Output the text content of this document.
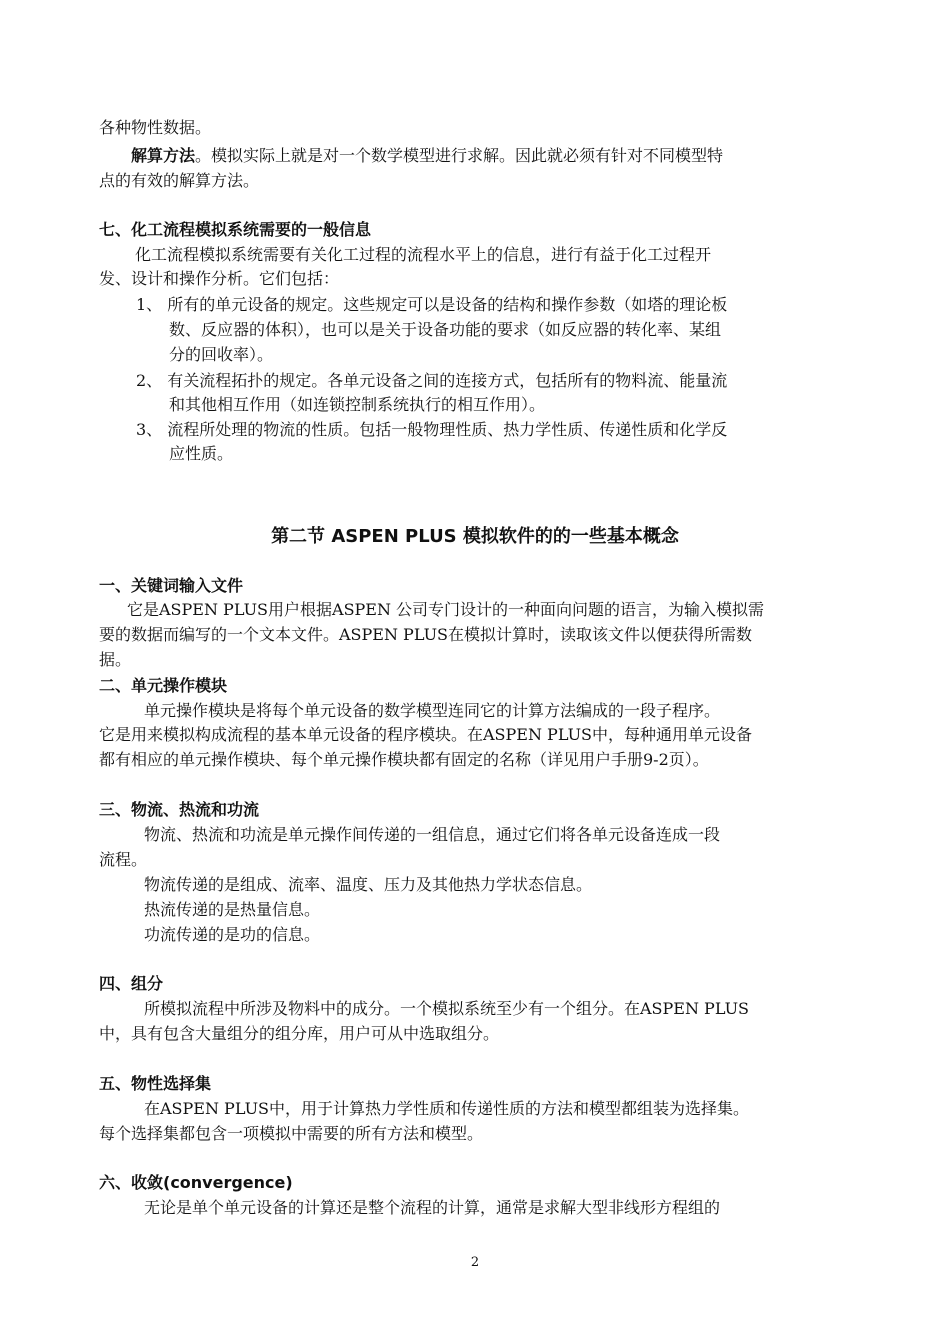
各种物性数据。

解算方法。模拟实际上就是对一个数学模型进行求解。因此就必须有针对不同模型特

点的有效的解算方法。

七、化工流程模拟系统需要的一般信息

化工流程模拟系统需要有关化工过程的流程水平上的信息，进行有益于化工过程开

发、设计和操作分析。它们包括：

1、 所有的单元设备的规定。这些规定可以是设备的结构和操作参数（如塔的理论板

数、反应器的体积），也可以是关于设备功能的要求（如反应器的转化率、某组

分的回收率）。

2、 有关流程拓扑的规定。各单元设备之间的连接方式，包括所有的物料流、能量流

和其他相互作用（如连锁控制系统执行的相互作用）。

3、 流程所处理的物流的性质。包括一般物理性质、热力学性质、传递性质和化学反

应性质。

第二节 ASPEN PLUS 模拟软件的的一些基本概念

一、关键词输入文件

它是ASPEN PLUS用户根据ASPEN 公司专门设计的一种面向问题的语言，为输入模拟需

要的数据而编写的一个文本文件。ASPEN PLUS在模拟计算时，读取该文件以便获得所需数

据。

二、单元操作模块

单元操作模块是将每个单元设备的数学模型连同它的计算方法编成的一段子程序。

它是用来模拟构成流程的基本单元设备的程序模块。在ASPEN PLUS中，每种通用单元设备

都有相应的单元操作模块、每个单元操作模块都有固定的名称（详见用户手册9-2页）。

三、物流、热流和功流

物流、热流和功流是单元操作间传递的一组信息，通过它们将各单元设备连成一段

流程。

物流传递的是组成、流率、温度、压力及其他热力学状态信息。

热流传递的是热量信息。

功流传递的是功的信息。

四、组分

所模拟流程中所涉及物料中的成分。一个模拟系统至少有一个组分。在ASPEN PLUS

中，具有包含大量组分的组分库，用户可从中选取组分。

五、物性选择集

在ASPEN PLUS中，用于计算热力学性质和传递性质的方法和模型都组装为选择集。

每个选择集都包含一项模拟中需要的所有方法和模型。

六、收敛(convergence)

无论是单个单元设备的计算还是整个流程的计算，通常是求解大型非线形方程组的

2
